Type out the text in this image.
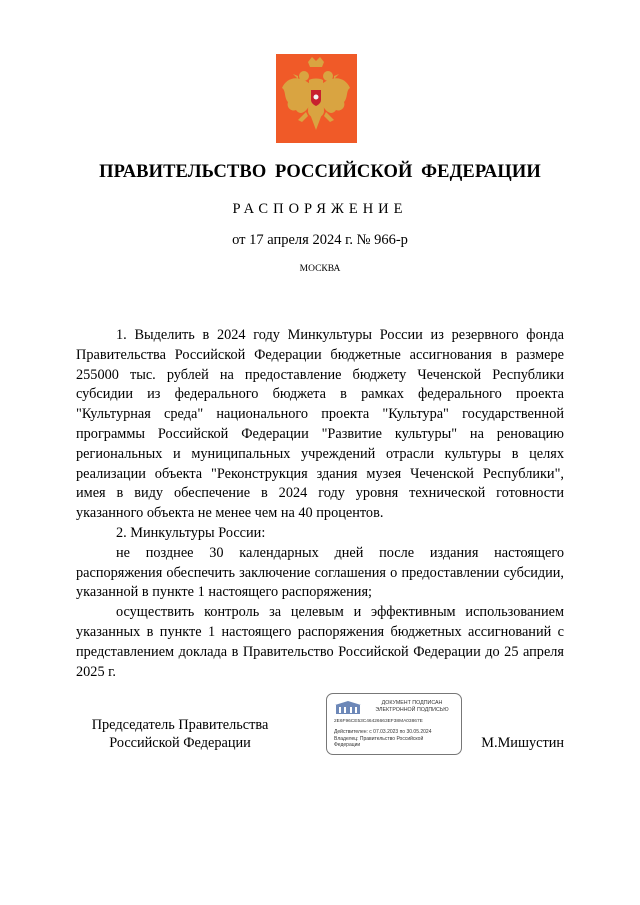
ПРАВИТЕЛЬСТВО РОССИЙСКОЙ ФЕДЕРАЦИИ
РАСПОРЯЖЕНИЕ
от 17 апреля 2024 г. № 966-р
МОСКВА

1. Выделить в 2024 году Минкультуры России из резервного фонда Правительства Российской Федерации бюджетные ассигнования в размере 255000 тыс. рублей на предоставление бюджету Чеченской Республики субсидии из федерального бюджета в рамках федерального проекта "Культурная среда" национального проекта "Культура" государственной программы Российской Федерации "Развитие культуры" на реновацию региональных и муниципальных учреждений отрасли культуры в целях реализации объекта "Реконструкция здания музея Чеченской Республики", имея в виду обеспечение в 2024 году уровня технической готовности указанного объекта не менее чем на 40 процентов.

2. Минкультуры России:

не позднее 30 календарных дней после издания настоящего распоряжения обеспечить заключение соглашения о предоставлении субсидии, указанной в пункте 1 настоящего распоряжения;

осуществить контроль за целевым и эффективным использованием указанных в пункте 1 настоящего распоряжения бюджетных ассигнований с представлением доклада в Правительство Российской Федерации до 25 апреля 2025 г.

Председатель Правительства
Российской Федерации
ДОКУМЕНТ ПОДПИСАН
ЭЛЕКТРОННОЙ ПОДПИСЬЮ
2E6F96CE53C46426663EF38MA03867E
Действителен: с 07.03.2023 по 30.05.2024
Владелец: Правительство Российской
Федерации	М.Мишустин
